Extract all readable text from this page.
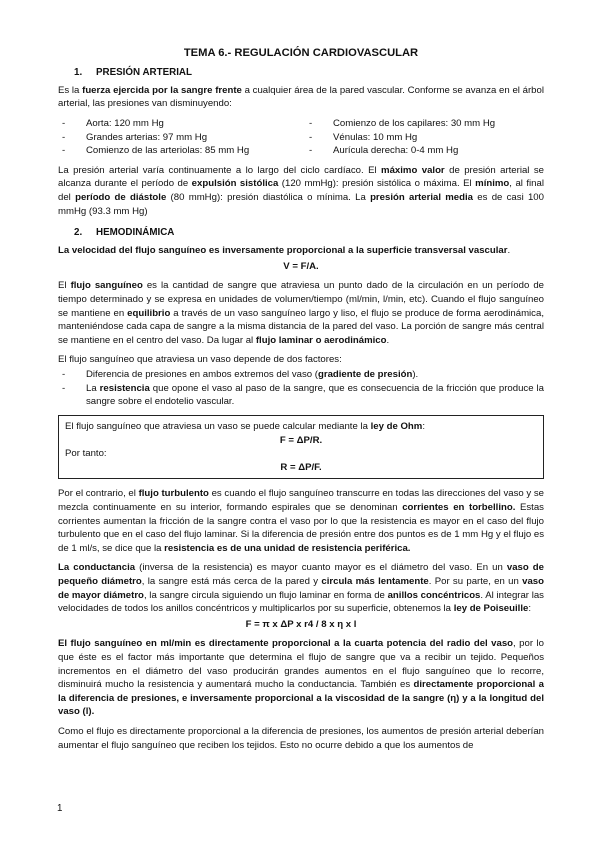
TEMA 6.- REGULACIÓN CARDIOVASCULAR
1. PRESIÓN ARTERIAL

Es la fuerza ejercida por la sangre frente a cualquier área de la pared vascular. Conforme se avanza en el árbol arterial, las presiones van disminuyendo:

-	Aorta: 120 mm Hg
-	Grandes arterias: 97 mm Hg
-	Comienzo de las arteriolas: 85 mm Hg
-	Comienzo de los capilares: 30 mm Hg
-	Vénulas: 10 mm Hg
-	Aurícula derecha: 0-4 mm Hg

La presión arterial varía continuamente a lo largo del ciclo cardíaco. El máximo valor de presión arterial se alcanza durante el período de expulsión sistólica (120 mmHg): presión sistólica o máxima. El mínimo, al final del período de diástole (80 mmHg): presión diastólica o mínima. La presión arterial media es de casi 100 mmHg (93.3 mm Hg)

2. HEMODINÁMICA

La velocidad del flujo sanguíneo es inversamente proporcional a la superficie transversal vascular.

V = F/A.

El flujo sanguíneo es la cantidad de sangre que atraviesa un punto dado de la circulación en un período de tiempo determinado y se expresa en unidades de volumen/tiempo (ml/min, l/min, etc). Cuando el flujo sanguíneo se mantiene en equilibrio a través de un vaso sanguíneo largo y liso, el flujo se produce de forma aerodinámica, manteniéndose cada capa de sangre a la misma distancia de la pared del vaso. La porción de sangre más central se mantiene en el centro del vaso. Da lugar al flujo laminar o aerodinámico.

El flujo sanguíneo que atraviesa un vaso depende de dos factores:

-	Diferencia de presiones en ambos extremos del vaso (gradiente de presión).
-	La resistencia que opone el vaso al paso de la sangre, que es consecuencia de la fricción que produce la sangre sobre el endotelio vascular.
El flujo sanguíneo que atraviesa un vaso se puede calcular mediante la ley de Ohm:
F = ΔP/R.
Por tanto:
R = ΔP/F.

Por el contrario, el flujo turbulento es cuando el flujo sanguíneo transcurre en todas las direcciones del vaso y se mezcla continuamente en su interior, formando espirales que se denominan corrientes en torbellino. Estas corrientes aumentan la fricción de la sangre contra el vaso por lo que la resistencia es mayor en el caso del flujo turbulento que en el caso del flujo laminar. Si la diferencia de presión entre dos puntos es de 1 mm Hg y el flujo es de 1 ml/s, se dice que la resistencia es de una unidad de resistencia periférica.

La conductancia (inversa de la resistencia) es mayor cuanto mayor es el diámetro del vaso. En un vaso de pequeño diámetro, la sangre está más cerca de la pared y circula más lentamente. Por su parte, en un vaso de mayor diámetro, la sangre circula siguiendo un flujo laminar en forma de anillos concéntricos. Al integrar las velocidades de todos los anillos concéntricos y multiplicarlos por su superficie, obtenemos la ley de Poiseuille:

F = π x ΔP x r4 / 8 x η x l

El flujo sanguíneo en ml/min es directamente proporcional a la cuarta potencia del radio del vaso, por lo que éste es el factor más importante que determina el flujo de sangre que va a recibir un tejido. Pequeños incrementos en el diámetro del vaso producirán grandes aumentos en el flujo sanguíneo que lo recorre, disminuirá mucho la resistencia y aumentará mucho la conductancia. También es directamente proporcional a la diferencia de presiones, e inversamente proporcional a la viscosidad de la sangre (η) y a la longitud del vaso (l).

Como el flujo es directamente proporcional a la diferencia de presiones, los aumentos de presión arterial deberían aumentar el flujo sanguíneo que reciben los tejidos. Esto no ocurre debido a que los aumentos de

1
